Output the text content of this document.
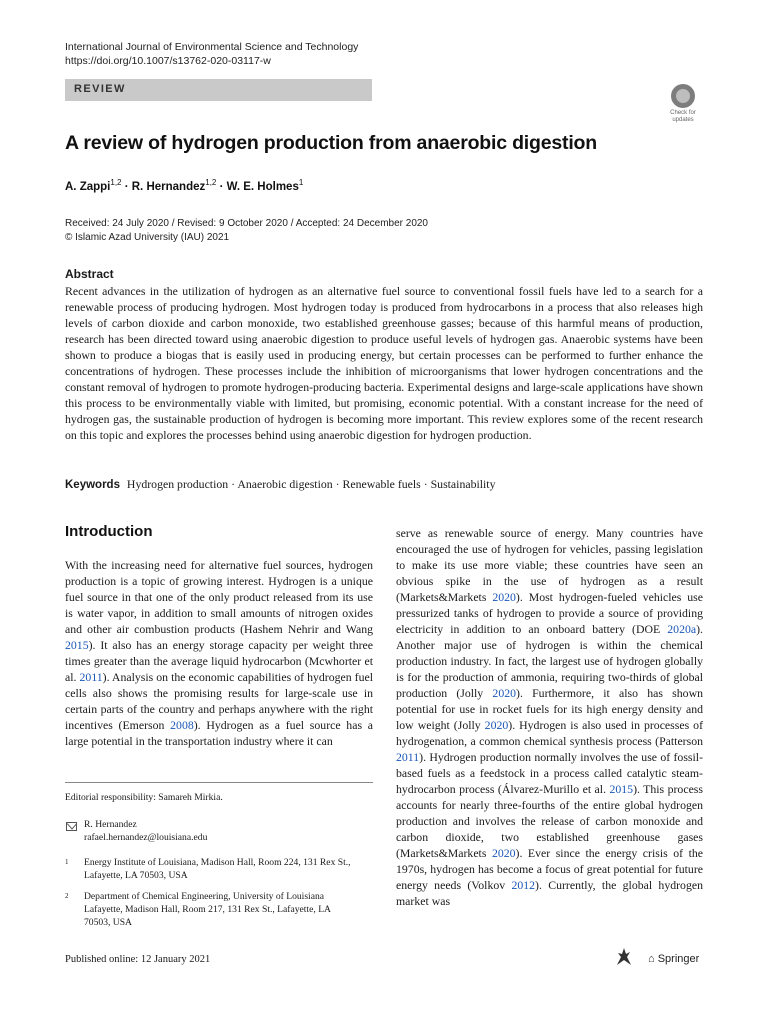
International Journal of Environmental Science and Technology
https://doi.org/10.1007/s13762-020-03117-w
REVIEW
Check for updates
A review of hydrogen production from anaerobic digestion
A. Zappi$^{1,2}$ · R. Hernandez$^{1,2}$ · W. E. Holmes$^1$
Received: 24 July 2020 / Revised: 9 October 2020 / Accepted: 24 December 2020
© Islamic Azad University (IAU) 2021
Abstract
Recent advances in the utilization of hydrogen as an alternative fuel source to conventional fossil fuels have led to a search for a renewable process of producing hydrogen. Most hydrogen today is produced from hydrocarbons in a process that also releases high levels of carbon dioxide and carbon monoxide, two established greenhouse gasses; because of this harmful means of production, research has been directed toward using anaerobic digestion to produce useful levels of hydrogen gas. Anaerobic systems have been shown to produce a biogas that is easily used in producing energy, but certain processes can be performed to further enhance the concentrations of hydrogen. These processes include the inhibition of microorganisms that lower hydrogen concentrations and the constant removal of hydrogen to promote hydrogen-producing bacteria. Experimental designs and large-scale applications have shown this process to be environmentally viable with limited, but promising, economic potential. With a constant increase for the need of hydrogen gas, the sustainable production of hydrogen is becoming more important. This review explores some of the recent research on this topic and explores the processes behind using anaerobic digestion for hydrogen production.
Keywords Hydrogen production · Anaerobic digestion · Renewable fuels · Sustainability
Introduction
With the increasing need for alternative fuel sources, hydrogen production is a topic of growing interest. Hydrogen is a unique fuel source in that one of the only product released from its use is water vapor, in addition to small amounts of nitrogen oxides and other air combustion products (Hashem Nehrir and Wang 2015). It also has an energy storage capacity per weight three times greater than the average liquid hydrocarbon (Mcwhorter et al. 2011). Analysis on the economic capabilities of hydrogen fuel cells also shows the promising results for large-scale use in certain parts of the country and perhaps anywhere with the right incentives (Emerson 2008). Hydrogen as a fuel source has a large potential in the transportation industry where it can
serve as renewable source of energy. Many countries have encouraged the use of hydrogen for vehicles, passing legislation to make its use more viable; these countries have seen an obvious spike in the use of hydrogen as a result (Markets&Markets 2020). Most hydrogen-fueled vehicles use pressurized tanks of hydrogen to provide a source of providing electricity in addition to an onboard battery (DOE 2020a). Another major use of hydrogen is within the chemical production industry. In fact, the largest use of hydrogen globally is for the production of ammonia, requiring two-thirds of global production (Jolly 2020). Furthermore, it also has shown potential for use in rocket fuels for its high energy density and low weight (Jolly 2020). Hydrogen is also used in processes of hydrogenation, a common chemical synthesis process (Patterson 2011). Hydrogen production normally involves the use of fossil-based fuels as a feedstock in a process called catalytic steam-hydrocarbon process (Álvarez-Murillo et al. 2015). This process accounts for nearly three-fourths of the entire global hydrogen production and involves the release of carbon monoxide and carbon dioxide, two established greenhouse gases (Markets&Markets 2020). Ever since the energy crisis of the 1970s, hydrogen has become a focus of great potential for future energy needs (Volkov 2012). Currently, the global hydrogen market was
Editorial responsibility: Samareh Mirkia.
R. Hernandez
rafael.hernandez@louisiana.edu
1 Energy Institute of Louisiana, Madison Hall, Room 224, 131 Rex St., Lafayette, LA 70503, USA
2 Department of Chemical Engineering, University of Louisiana Lafayette, Madison Hall, Room 217, 131 Rex St., Lafayette, LA 70503, USA
Published online: 12 January 2021	⌂ Springer
